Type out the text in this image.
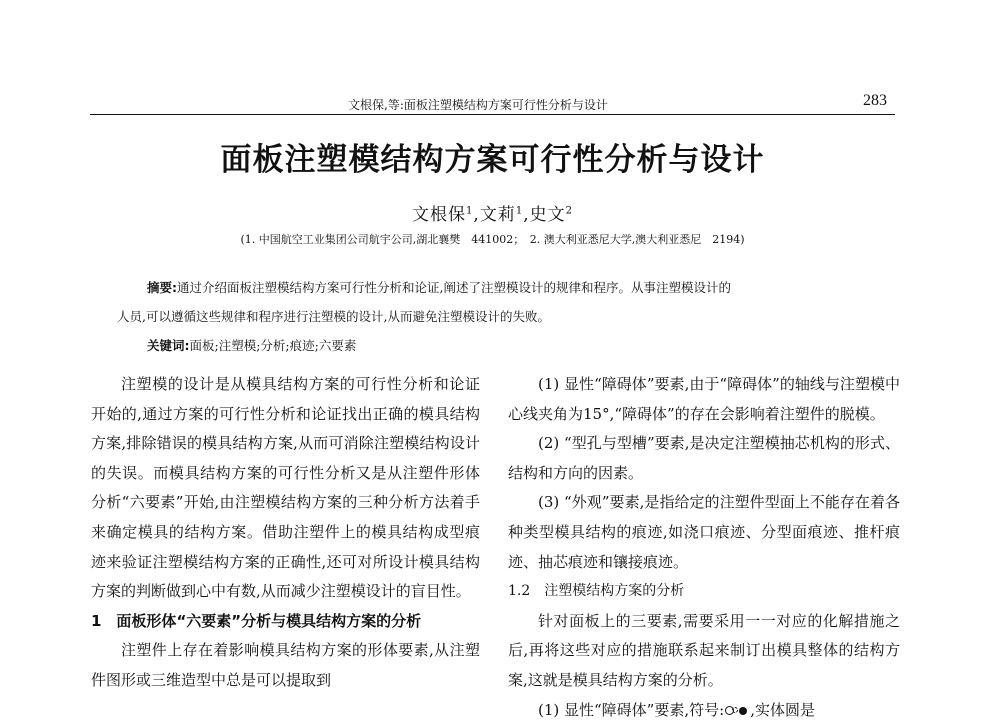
文根保,等:面板注塑模结构方案可行性分析与设计	283
面板注塑模结构方案可行性分析与设计
文根保$^1$,文莉$^1$,史文$^2$
(1. 中国航空工业集团公司航宇公司,湖北襄樊　441002；　2. 澳大利亚悉尼大学,澳大利亚悉尼　2194)

摘要:通过介绍面板注塑模结构方案可行性分析和论证,阐述了注塑模设计的规律和程序。从事注塑模设计的

人员,可以遵循这些规律和程序进行注塑模的设计,从而避免注塑模设计的失败。

关键词:面板;注塑模;分析;痕迹;六要素

注塑模的设计是从模具结构方案的可行性分析和论证开始的,通过方案的可行性分析和论证找出正确的模具结构方案,排除错误的模具结构方案,从而可消除注塑模结构设计的失误。而模具结构方案的可行性分析又是从注塑件形体分析“六要素”开始,由注塑模结构方案的三种分析方法着手来确定模具的结构方案。借助注塑件上的模具结构成型痕迹来验证注塑模结构方案的正确性,还可对所设计模具结构方案的判断做到心中有数,从而减少注塑模设计的盲目性。

1　面板形体“六要素”分析与模具结构方案的分析

注塑件上存在着影响模具结构方案的形体要素,从注塑件图形或三维造型中总是可以提取到

(1) 显性“障碍体”要素,由于“障碍体”的轴线与注塑模中心线夹角为15°,“障碍体”的存在会影响着注塑件的脱模。

(2) “型孔与型槽”要素,是决定注塑模抽芯机构的形式、结构和方向的因素。

(3) “外观”要素,是指给定的注塑件型面上不能存在着各种类型模具结构的痕迹,如浇口痕迹、分型面痕迹、推杆痕迹、抽芯痕迹和镶接痕迹。

1.2　注塑模结构方案的分析

针对面板上的三要素,需要采用一一对应的化解措施之后,再将这些对应的措施联系起来制订出模具整体的结构方案,这就是模具结构方案的分析。

(1) 显性“障碍体”要素,符号: ,实体圆是
